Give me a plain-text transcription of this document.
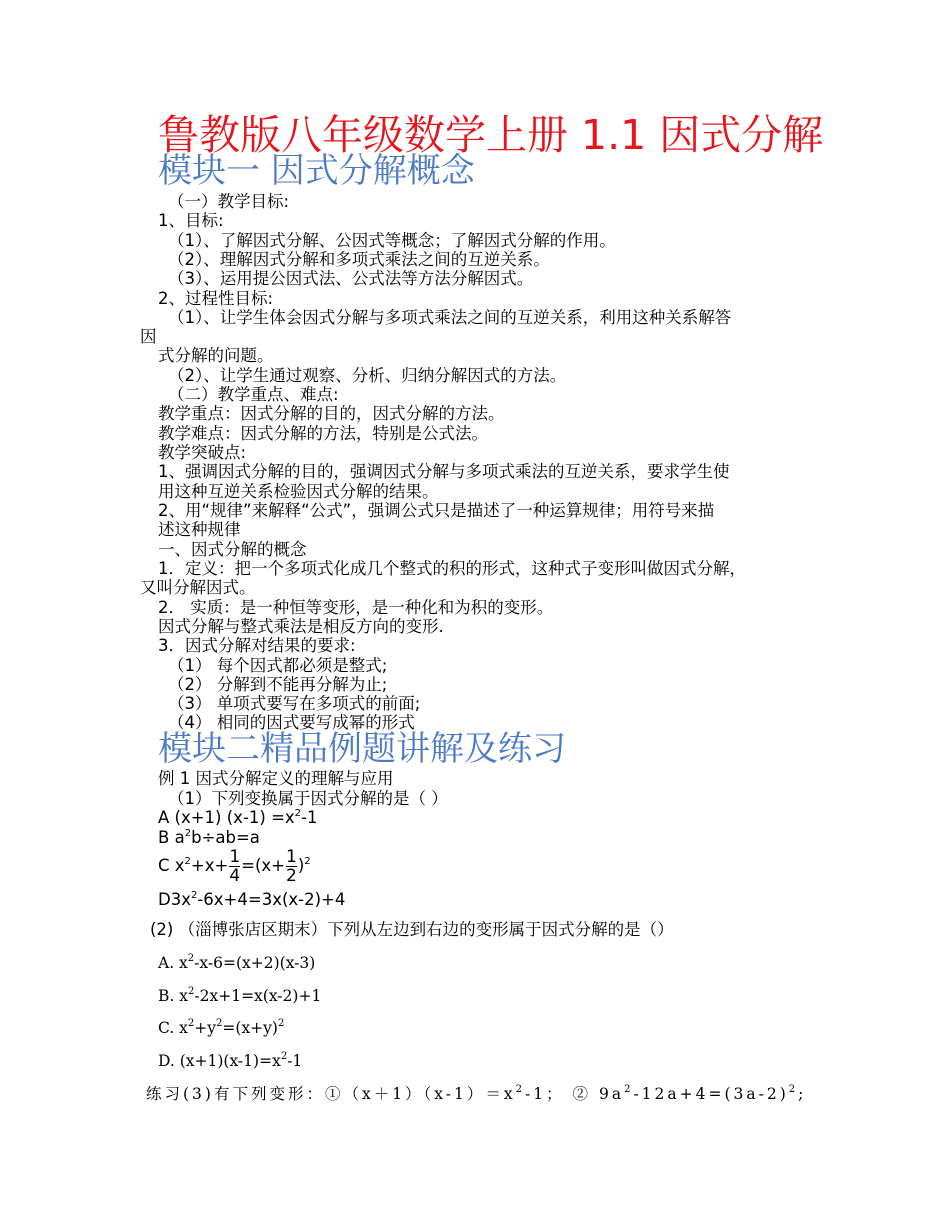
鲁教版八年级数学上册 1.1 因式分解
模块一 因式分解概念
（一）教学目标:
1、目标:
（1）、了解因式分解、公因式等概念；了解因式分解的作用。
（2）、理解因式分解和多项式乘法之间的互逆关系。
（3）、运用提公因式法、公式法等方法分解因式。
2、过程性目标:
（1）、让学生体会因式分解与多项式乘法之间的互逆关系，利用这种关系解答
因
式分解的问题。
（2）、让学生通过观察、分析、归纳分解因式的方法。
（二）教学重点、难点:
教学重点：因式分解的目的，因式分解的方法。
教学难点：因式分解的方法，特别是公式法。
教学突破点:
1、强调因式分解的目的，强调因式分解与多项式乘法的互逆关系，要求学生使
用这种互逆关系检验因式分解的结果。
2、用“规律”来解释“公式”，强调公式只是描述了一种运算规律；用符号来描
述这种规律
一、因式分解的概念
1．定义：把一个多项式化成几个整式的积的形式，这种式子变形叫做因式分解，
又叫分解因式。
2． 实质：是一种恒等变形，是一种化和为积的变形。
因式分解与整式乘法是相反方向的变形.
3．因式分解对结果的要求:
（1） 每个因式都必须是整式;
（2） 分解到不能再分解为止;
（3） 单项式要写在多项式的前面;
（4） 相同的因式要写成幂的形式
模块二精品例题讲解及练习
例 1 因式分解定义的理解与应用
（1）下列变换属于因式分解的是（ ）
A (x+1) $(x-1) =x^2-1$
B $a^2b\div ab=a$
C $x^2+x+ \frac{1}{4} =(x+ \frac{1}{2} )^2$
$D3x^2-6x+4=3x(x-2)+4$
(2) （淄博张店区期末）下列从左边到右边的变形属于因式分解的是（）
A. $x^2-x-6=(x+2)(x-3)$
B. $x^2-2x+1=x(x-2)+1$
C. $x^2+y^2=(x+y)^2$
D. $(x+1)(x-1)=x^2-1$
练习(3)有下列变形：$①(x+1)(x-1)=x^2-1$； ② $9a^2-12a+4=(3a-2)^2$;
